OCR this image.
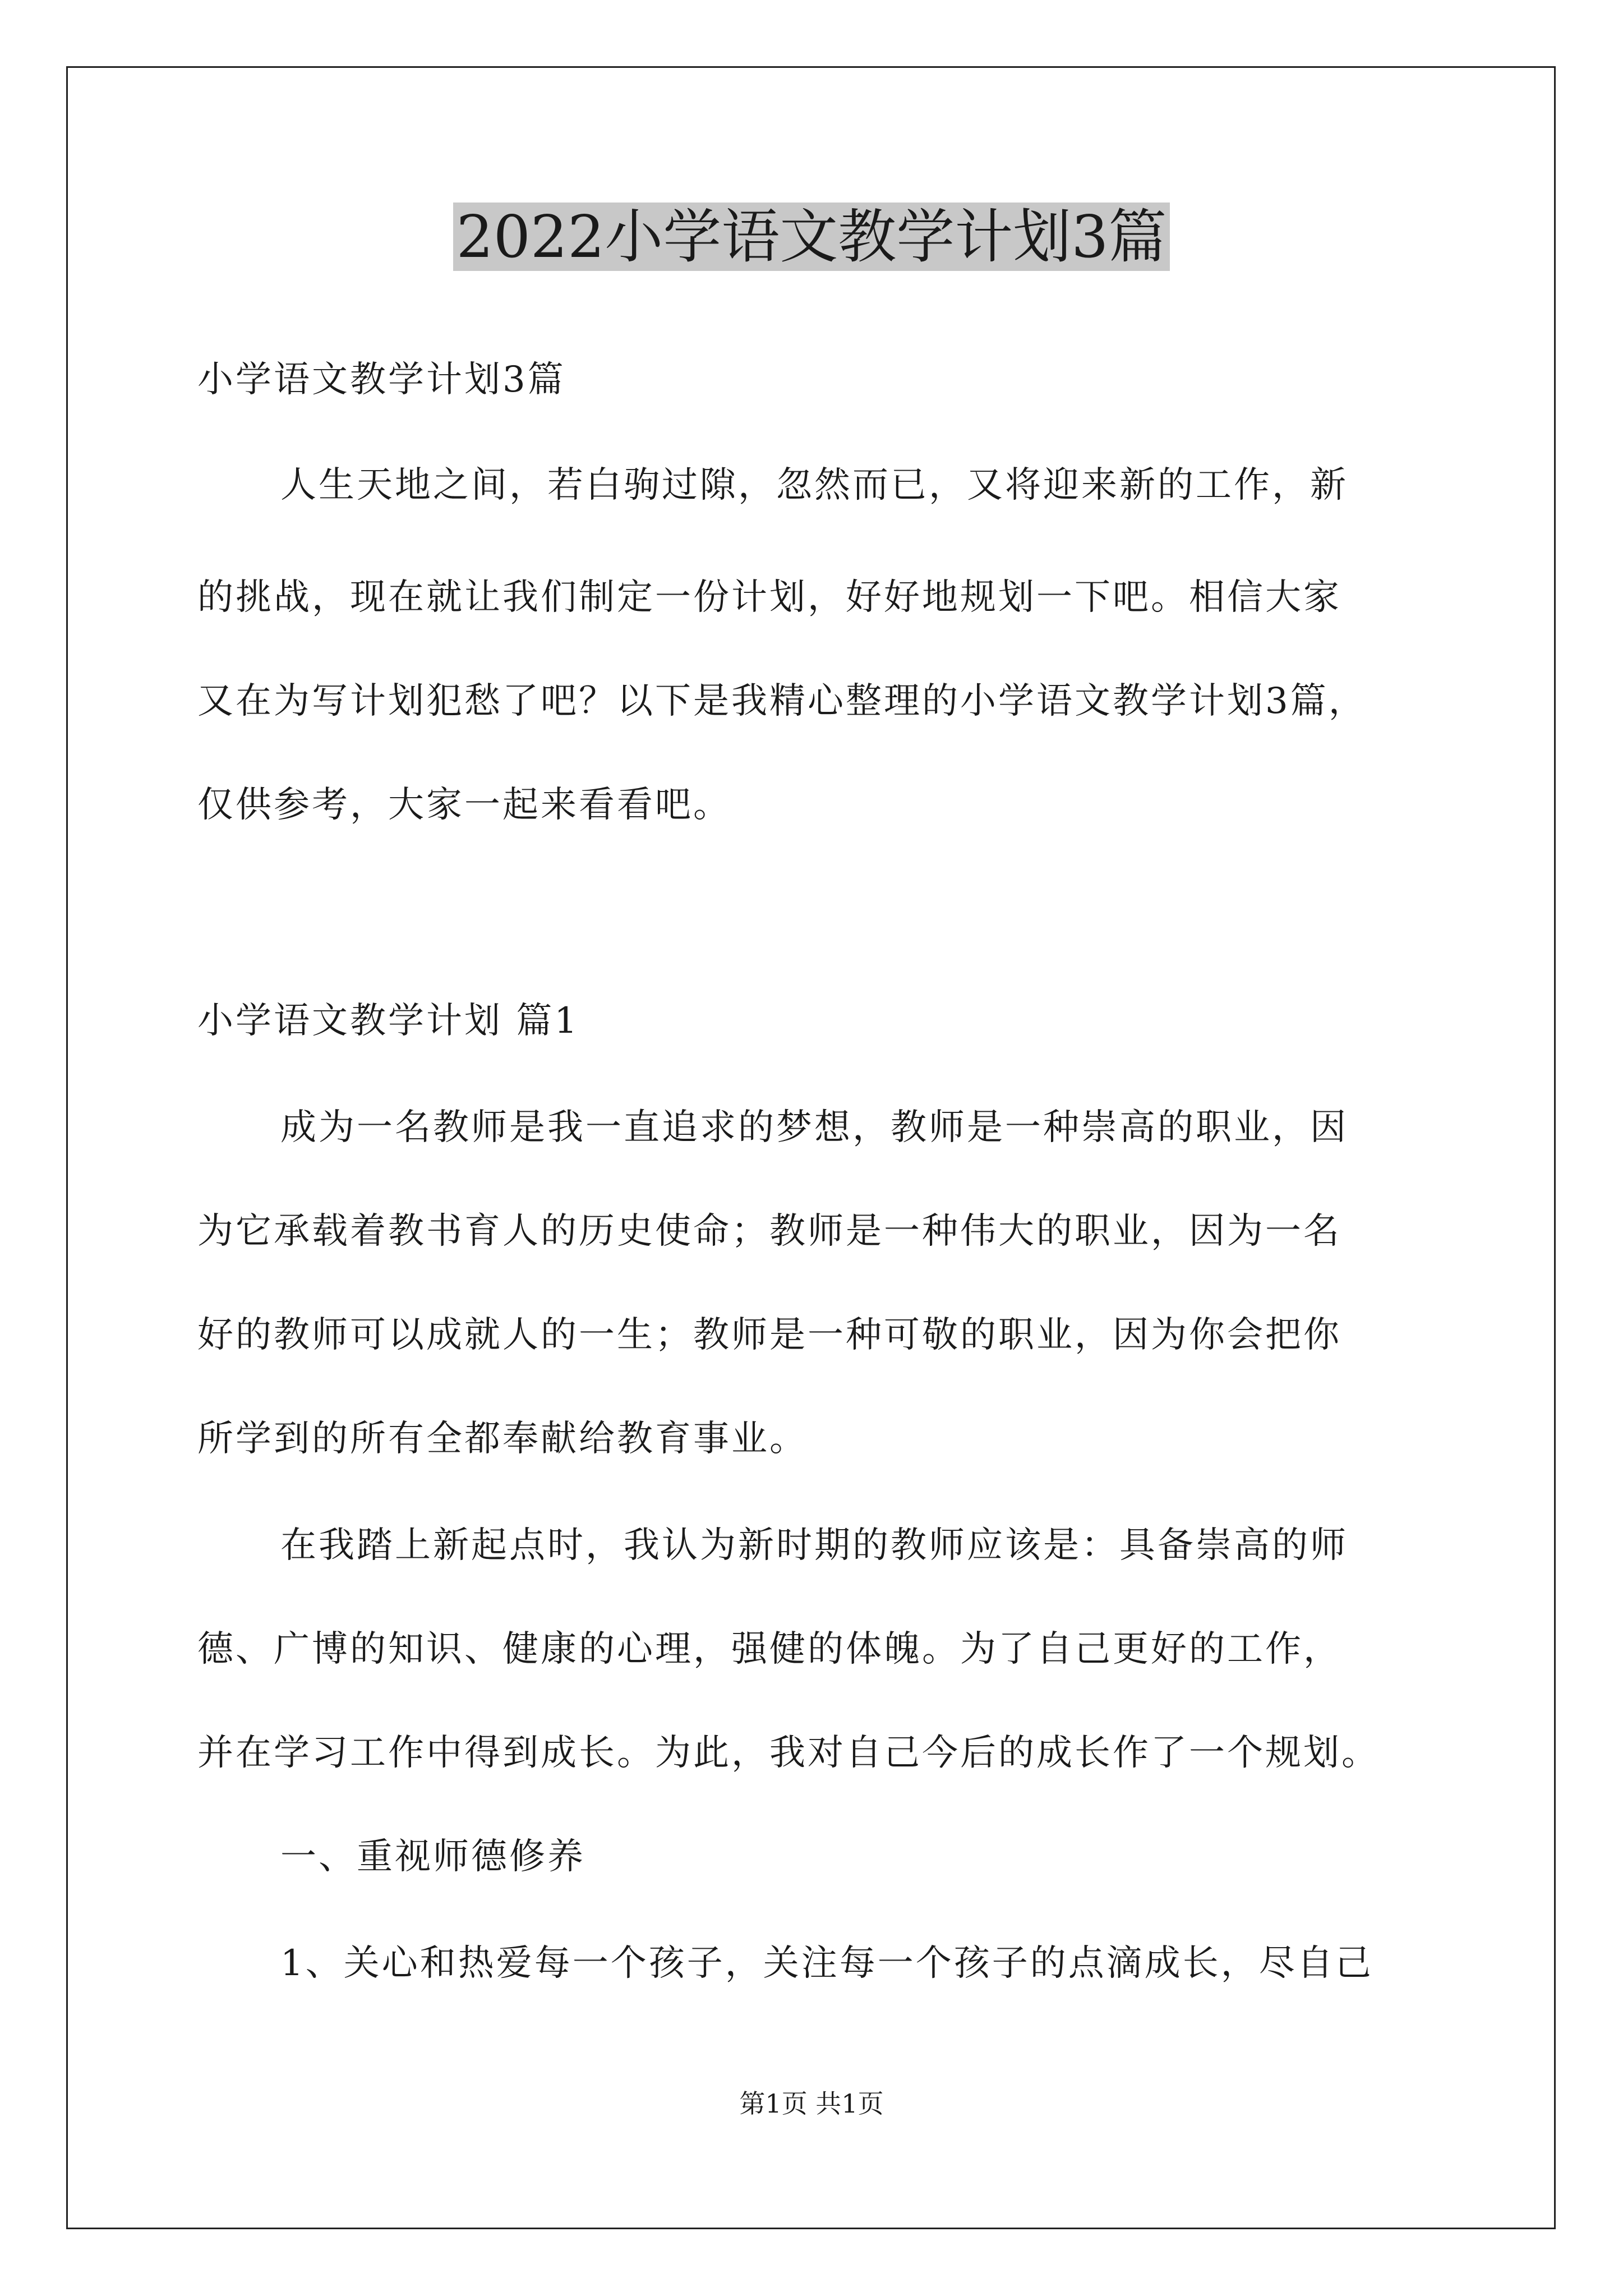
2022小学语文教学计划3篇
小学语文教学计划3篇
人生天地之间，若白驹过隙，忽然而已，又将迎来新的工作，新
的挑战，现在就让我们制定一份计划，好好地规划一下吧。相信大家
又在为写计划犯愁了吧？以下是我精心整理的小学语文教学计划3篇，
仅供参考，大家一起来看看吧。
小学语文教学计划 篇1
成为一名教师是我一直追求的梦想，教师是一种崇高的职业，因
为它承载着教书育人的历史使命；教师是一种伟大的职业，因为一名
好的教师可以成就人的一生；教师是一种可敬的职业，因为你会把你
所学到的所有全都奉献给教育事业。
在我踏上新起点时，我认为新时期的教师应该是：具备崇高的师
德、广博的知识、健康的心理，强健的体魄。为了自己更好的工作，
并在学习工作中得到成长。为此，我对自己今后的成长作了一个规划。
一、重视师德修养
1、关心和热爱每一个孩子，关注每一个孩子的点滴成长，尽自己
第1页 共1页
